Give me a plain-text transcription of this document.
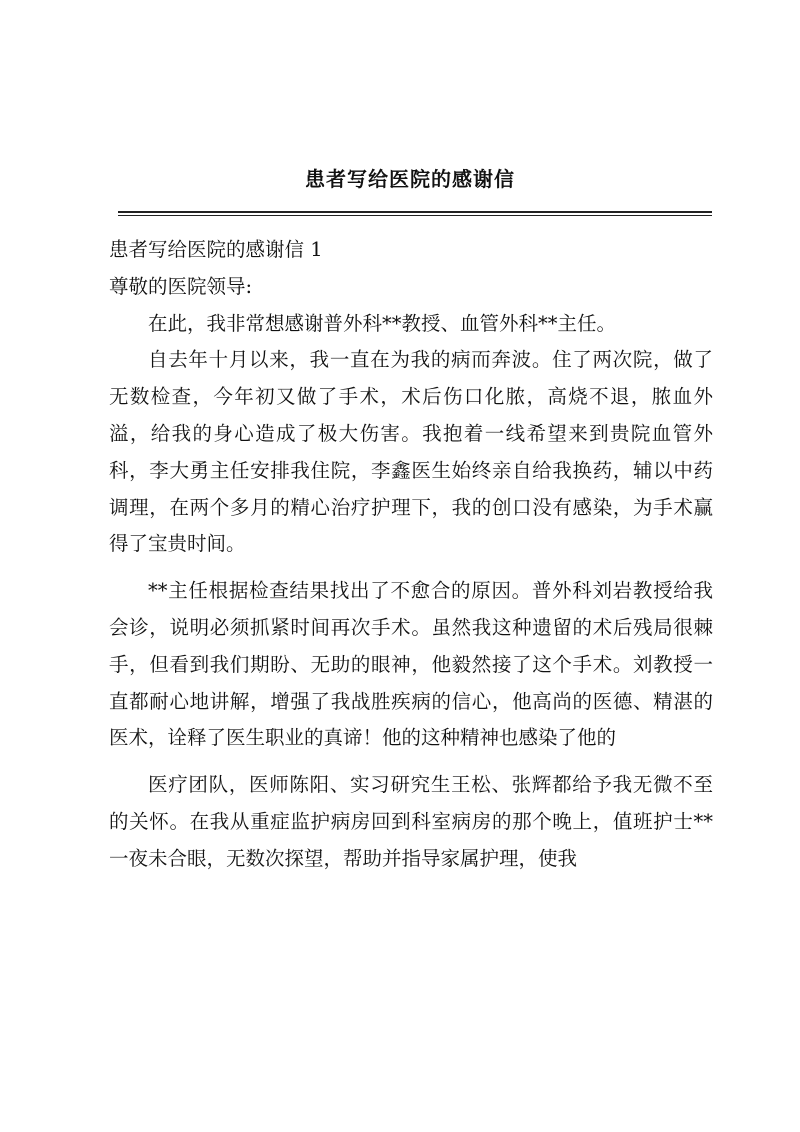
患者写给医院的感谢信

患者写给医院的感谢信 1

尊敬的医院领导:

在此，我非常想感谢普外科**教授、血管外科**主任。

自去年十月以来，我一直在为我的病而奔波。住了两次院，做了无数检查，今年初又做了手术，术后伤口化脓，高烧不退，脓血外溢，给我的身心造成了极大伤害。我抱着一线希望来到贵院血管外科，李大勇主任安排我住院，李鑫医生始终亲自给我换药，辅以中药调理，在两个多月的精心治疗护理下，我的创口没有感染，为手术赢得了宝贵时间。

**主任根据检查结果找出了不愈合的原因。普外科刘岩教授给我会诊，说明必须抓紧时间再次手术。虽然我这种遗留的术后残局很棘手，但看到我们期盼、无助的眼神，他毅然接了这个手术。刘教授一直都耐心地讲解，增强了我战胜疾病的信心，他高尚的医德、精湛的医术，诠释了医生职业的真谛！他的这种精神也感染了他的

医疗团队，医师陈阳、实习研究生王松、张辉都给予我无微不至的关怀。在我从重症监护病房回到科室病房的那个晚上，值班护士**一夜未合眼，无数次探望，帮助并指导家属护理，使我
